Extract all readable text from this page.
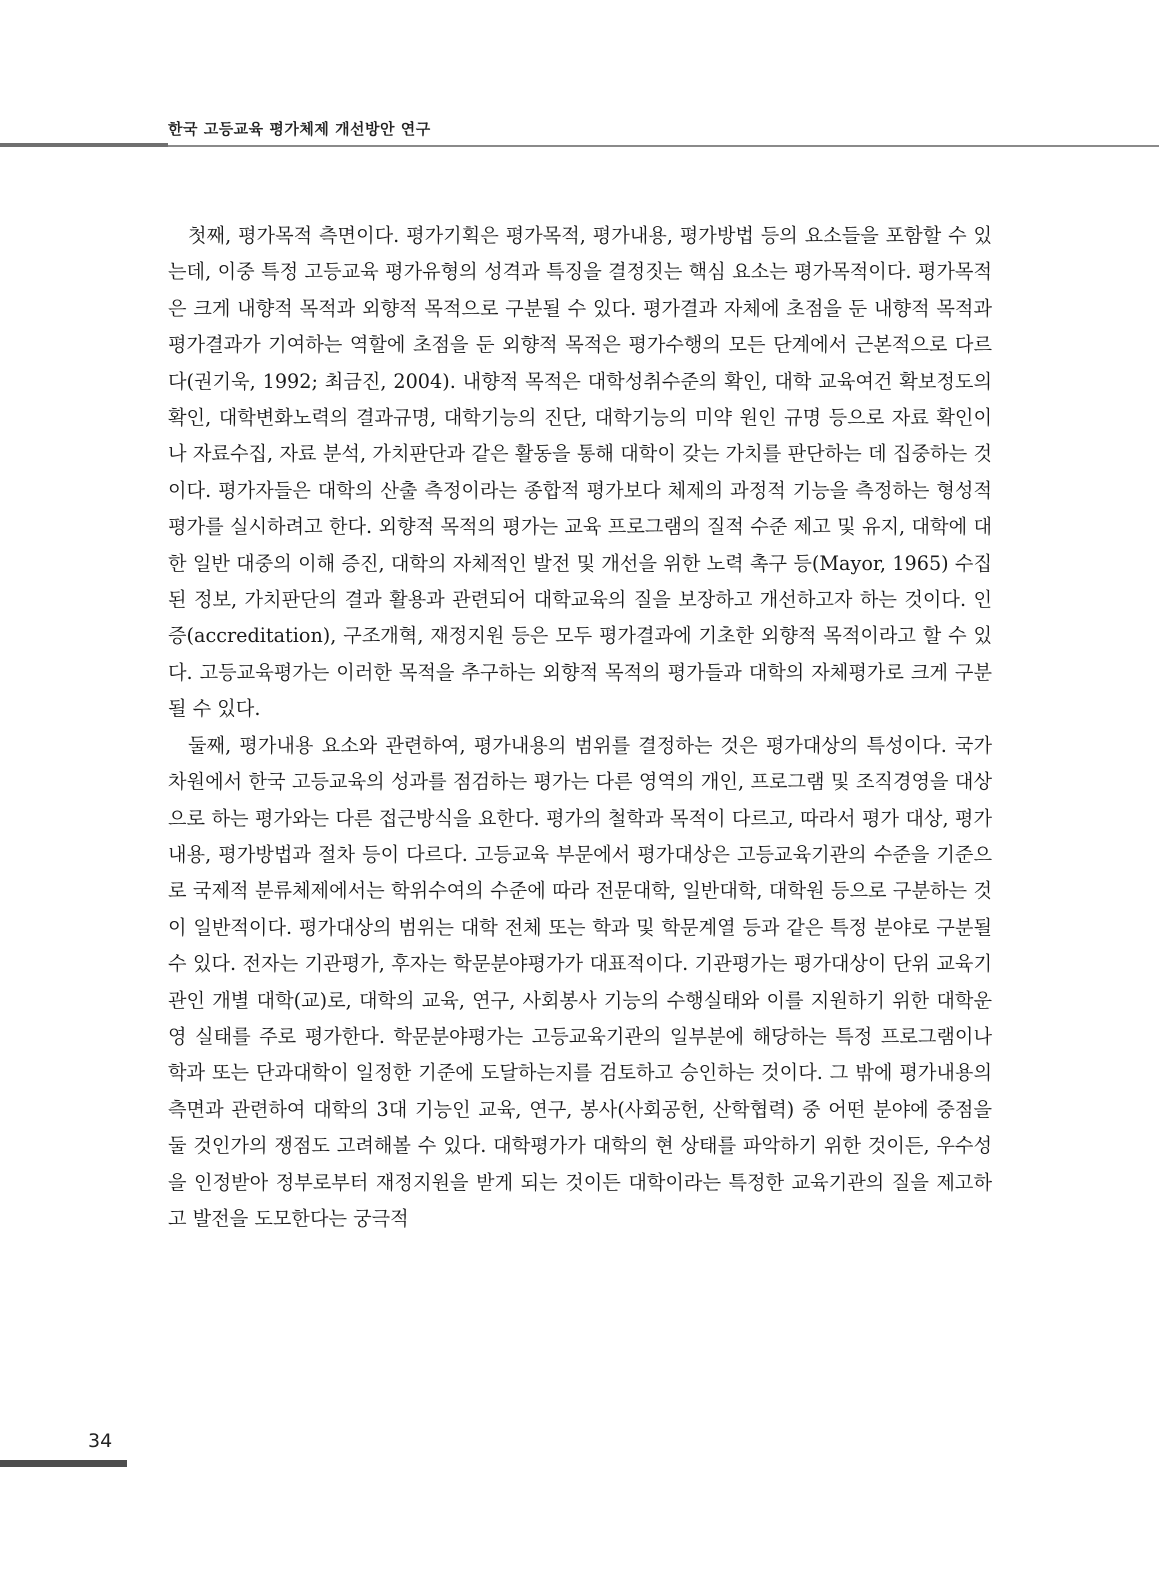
한국 고등교육 평가체제 개선방안 연구

첫째, 평가목적 측면이다. 평가기획은 평가목적, 평가내용, 평가방법 등의 요소들을 포함할 수 있는데, 이중 특정 고등교육 평가유형의 성격과 특징을 결정짓는 핵심 요소는 평가목적이다. 평가목적은 크게 내향적 목적과 외향적 목적으로 구분될 수 있다. 평가결과 자체에 초점을 둔 내향적 목적과 평가결과가 기여하는 역할에 초점을 둔 외향적 목적은 평가수행의 모든 단계에서 근본적으로 다르다(권기욱, 1992; 최금진, 2004). 내향적 목적은 대학성취수준의 확인, 대학 교육여건 확보정도의 확인, 대학변화노력의 결과규명, 대학기능의 진단, 대학기능의 미약 원인 규명 등으로 자료 확인이나 자료수집, 자료 분석, 가치판단과 같은 활동을 통해 대학이 갖는 가치를 판단하는 데 집중하는 것이다. 평가자들은 대학의 산출 측정이라는 종합적 평가보다 체제의 과정적 기능을 측정하는 형성적 평가를 실시하려고 한다. 외향적 목적의 평가는 교육 프로그램의 질적 수준 제고 및 유지, 대학에 대한 일반 대중의 이해 증진, 대학의 자체적인 발전 및 개선을 위한 노력 촉구 등(Mayor, 1965) 수집된 정보, 가치판단의 결과 활용과 관련되어 대학교육의 질을 보장하고 개선하고자 하는 것이다. 인증(accreditation), 구조개혁, 재정지원 등은 모두 평가결과에 기초한 외향적 목적이라고 할 수 있다. 고등교육평가는 이러한 목적을 추구하는 외향적 목적의 평가들과 대학의 자체평가로 크게 구분될 수 있다.

둘째, 평가내용 요소와 관련하여, 평가내용의 범위를 결정하는 것은 평가대상의 특성이다. 국가 차원에서 한국 고등교육의 성과를 점검하는 평가는 다른 영역의 개인, 프로그램 및 조직경영을 대상으로 하는 평가와는 다른 접근방식을 요한다. 평가의 철학과 목적이 다르고, 따라서 평가 대상, 평가내용, 평가방법과 절차 등이 다르다. 고등교육 부문에서 평가대상은 고등교육기관의 수준을 기준으로 국제적 분류체제에서는 학위수여의 수준에 따라 전문대학, 일반대학, 대학원 등으로 구분하는 것이 일반적이다. 평가대상의 범위는 대학 전체 또는 학과 및 학문계열 등과 같은 특정 분야로 구분될 수 있다. 전자는 기관평가, 후자는 학문분야평가가 대표적이다. 기관평가는 평가대상이 단위 교육기관인 개별 대학(교)로, 대학의 교육, 연구, 사회봉사 기능의 수행실태와 이를 지원하기 위한 대학운영 실태를 주로 평가한다. 학문분야평가는 고등교육기관의 일부분에 해당하는 특정 프로그램이나 학과 또는 단과대학이 일정한 기준에 도달하는지를 검토하고 승인하는 것이다. 그 밖에 평가내용의 측면과 관련하여 대학의 3대 기능인 교육, 연구, 봉사(사회공헌, 산학협력) 중 어떤 분야에 중점을 둘 것인가의 쟁점도 고려해볼 수 있다. 대학평가가 대학의 현 상태를 파악하기 위한 것이든, 우수성을 인정받아 정부로부터 재정지원을 받게 되는 것이든 대학이라는 특정한 교육기관의 질을 제고하고 발전을 도모한다는 궁극적

34
